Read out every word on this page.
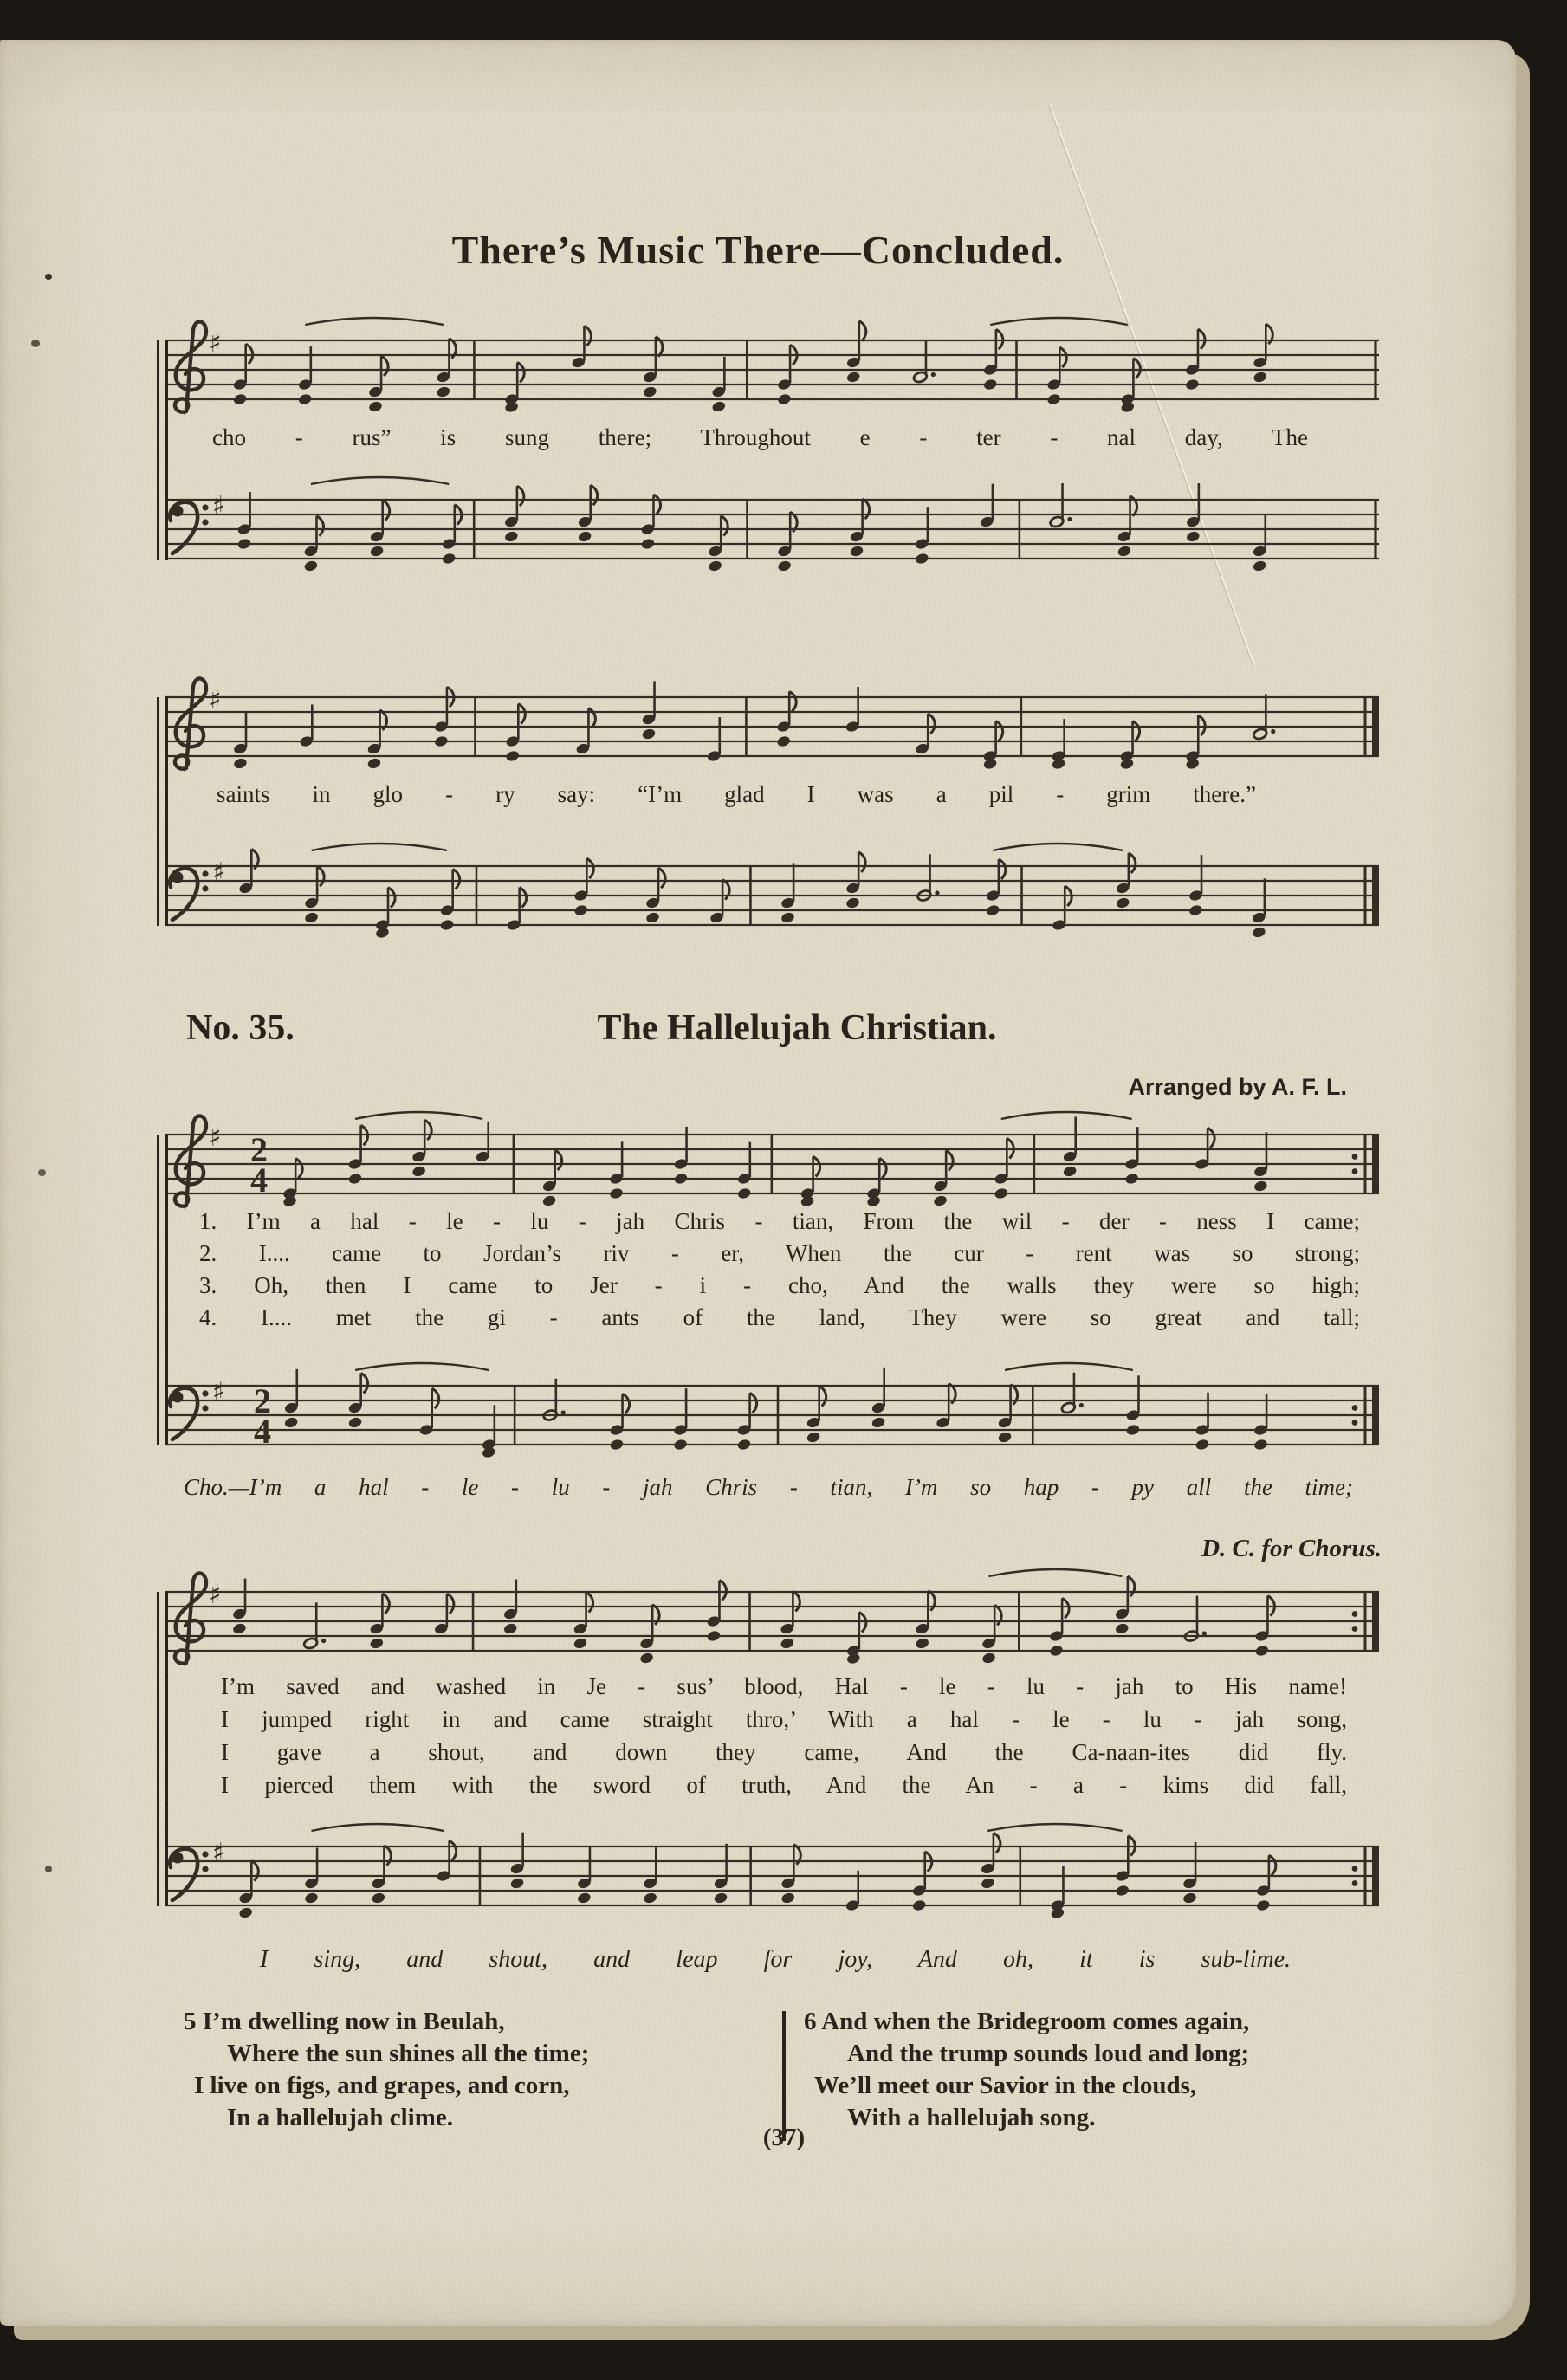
There’s Music There—Concluded.
♯
cho - rus” is sung there; Throughout e - ter - nal day, The
♯
♯
saints in glo - ry say: “I’m glad I was a pil - grim there.”
♯
No. 35.	The Hallelujah Christian.
Arranged by A. F. L.
♯ 2
4
1. I’m a hal - le - lu - jah Chris - tian, From the wil - der - ness I came;
2. I.... came to Jordan’s riv - er, When the cur - rent was so strong;
3. Oh, then I came to Jer - i - cho, And the walls they were so high;
4. I.... met the gi - ants of the land, They were so great and tall;
♯ 2
4
Cho.—I’m a hal - le - lu - jah Chris - tian, I’m so hap - py all the time;
D. C. for Chorus.
♯
I’m saved and washed in Je - sus’ blood, Hal - le - lu - jah to His name!
I jumped right in and came straight thro,’ With a hal - le - lu - jah song,
I gave a shout, and down they came, And the Ca-naan-ites did fly.
I pierced them with the sword of truth, And the An - a - kims did fall,
♯
I sing, and shout, and leap for joy, And oh, it is sub-lime.
5 I’m dwelling now in Beulah,
Where the sun shines all the time;
I live on figs, and grapes, and corn,
In a hallelujah clime.
6 And when the Bridegroom comes again,
And the trump sounds loud and long;
We’ll meet our Savior in the clouds,
With a hallelujah song.
(37)
